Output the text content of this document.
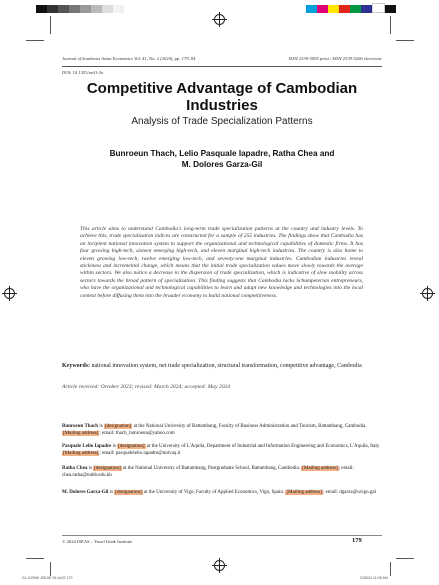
Journal of Southeast Asian Economics Vol. 41, No. 2 (2024), pp. 179–94	ISSN 2339-5095 print / ISSN 2339-5206 electronic
DOI: 10.1355/ae41-2e
Competitive Advantage of Cambodian Industries
Analysis of Trade Specialization Patterns
Bunroeun Thach, Lelio Pasquale Iapadre, Ratha Chea and
M. Dolores Garza-Gil
This article aims to understand Cambodia's long-term trade specialization patterns at the country and industry levels. To achieve this, trade specialization indices are constructed for a sample of 255 industries. The findings show that Cambodia has an incipient national innovation system to support the organizational and technological capabilities of domestic firms. It has four growing high-tech, sixteen emerging high-tech, and eleven marginal high-tech industries. The country is also home to eleven growing low-tech, twelve emerging low-tech, and seventy-one marginal industries. Cambodian industries reveal stickiness and incremental change, which means that the initial trade specialization values move slowly towards the average within sectors. We also notice a decrease in the dispersion of trade specialization, which is indicative of slow mobility across sectors towards the broad pattern of specialization. This finding suggests that Cambodia lacks Schumpeterian entrepreneurs, who have the organizational and technological capabilities to learn and adapt new knowledge and technologies into the local context before diffusing them into the broader economy to build national competitiveness.
Keywords: national innovation system, net trade specialization, structural transformation, competitive advantage, Cambodia
Article received: October 2023; revised: March 2024; accepted: May 2024
Bunroeun Thach is [designation] at the National University of Battambang, Faculty of Business Administration and Tourism, Battambang, Cambodia. [Mailing address]; email: thach_bunroeun@yahoo.com
Pasquale Lelio Iapadre is [designation] at the University of L'Aquila, Department of Industrial and Information Engineering and Economics, L'Aquila, Italy. [Mailing address]; email: pasqualelelio.iapadre@univaq.it
Ratha Chea is [designation] at the National University of Battambang, Postgraduate School, Battambang, Cambodia. [Mailing address]; email: chea.ratha@nubb.edu.kh
M. Dolores Garza-Gil is [designation] at the University of Vigo, Faculty of Applied Economics, Vigo, Spain. [Mailing address]; email: dgarza@uvigo.gal
© 2024 ISEAS – Yusof Ishak Institute	179
24-J10598 JSEAE 05-1e02 179	2/08/24 11:05 AM
